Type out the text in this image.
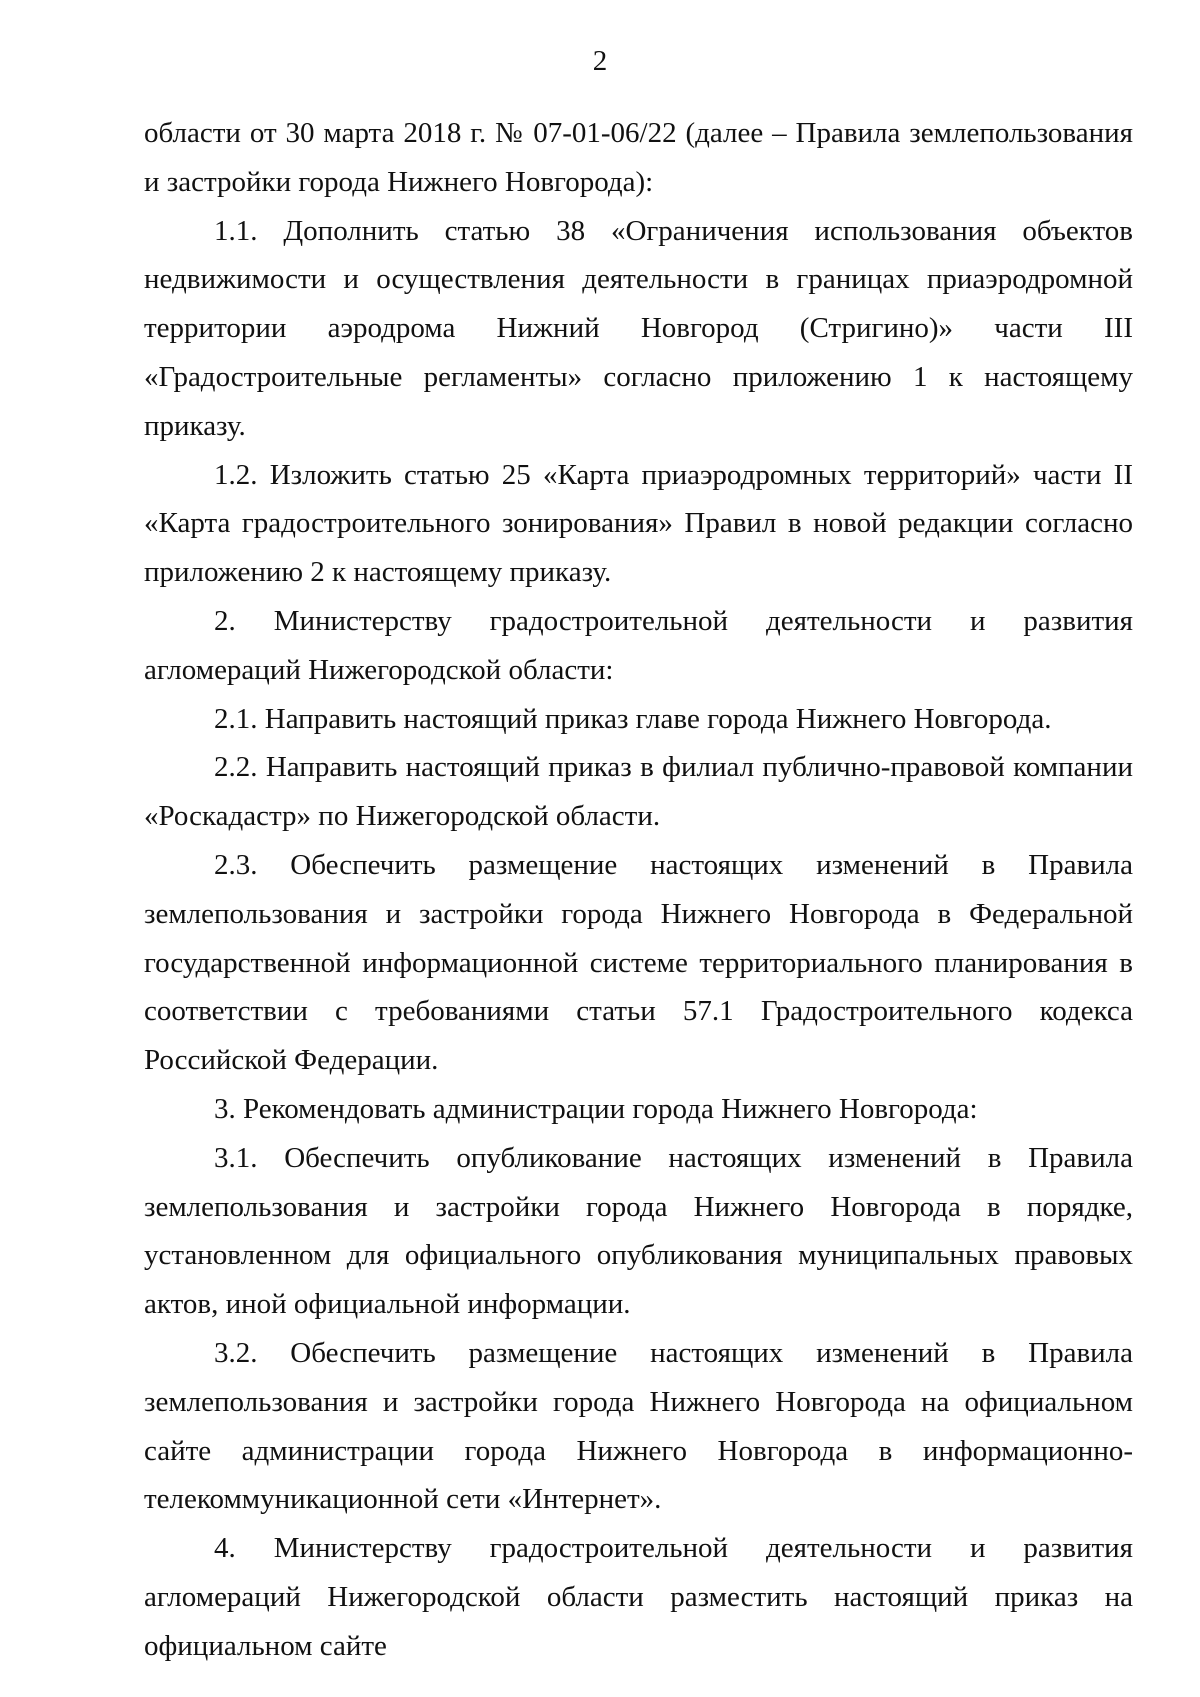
2

области от 30 марта 2018 г. № 07-01-06/22 (далее – Правила землепользования и застройки города Нижнего Новгорода):

1.1. Дополнить статью 38 «Ограничения использования объектов недвижимости и осуществления деятельности в границах приаэродромной территории аэродрома Нижний Новгород (Стригино)» части III «Градостроительные регламенты» согласно приложению 1 к настоящему приказу.

1.2. Изложить статью 25 «Карта приаэродромных территорий» части II «Карта градостроительного зонирования» Правил в новой редакции согласно приложению 2 к настоящему приказу.

2. Министерству градостроительной деятельности и развития агломераций Нижегородской области:

2.1. Направить настоящий приказ главе города Нижнего Новгорода.

2.2. Направить настоящий приказ в филиал публично-правовой компании «Роскадастр» по Нижегородской области.

2.3. Обеспечить размещение настоящих изменений в Правила землепользования и застройки города Нижнего Новгорода в Федеральной государственной информационной системе территориального планирования в соответствии с требованиями статьи 57.1 Градостроительного кодекса Российской Федерации.

3. Рекомендовать администрации города Нижнего Новгорода:

3.1. Обеспечить опубликование настоящих изменений в Правила землепользования и застройки города Нижнего Новгорода в порядке, установленном для официального опубликования муниципальных правовых актов, иной официальной информации.

3.2. Обеспечить размещение настоящих изменений в Правила землепользования и застройки города Нижнего Новгорода на официальном сайте администрации города Нижнего Новгорода в информационно-телекоммуникационной сети «Интернет».

4. Министерству градостроительной деятельности и развития агломераций Нижегородской области разместить настоящий приказ на официальном сайте
